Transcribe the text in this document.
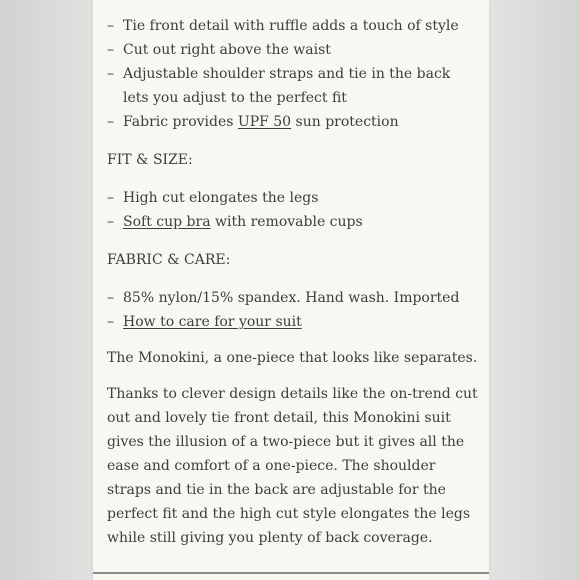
– Tie front detail with ruffle adds a touch of style
– Cut out right above the waist
– Adjustable shoulder straps and tie in the back lets you adjust to the perfect fit
– Fabric provides UPF 50 sun protection

FIT & SIZE:

– High cut elongates the legs
– Soft cup bra with removable cups

FABRIC & CARE:

– 85% nylon/15% spandex. Hand wash. Imported
– How to care for your suit

The Monokini, a one-piece that looks like separates.

Thanks to clever design details like the on-trend cut out and lovely tie front detail, this Monokini suit gives the illusion of a two-piece but it gives all the ease and comfort of a one-piece. The shoulder straps and tie in the back are adjustable for the perfect fit and the high cut style elongates the legs while still giving you plenty of back coverage.
